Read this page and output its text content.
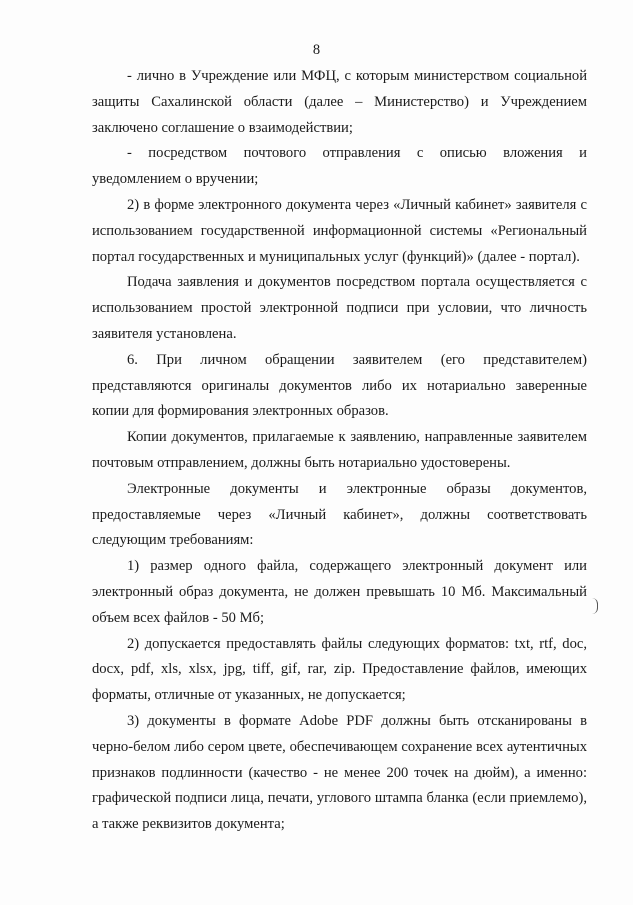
8

- лично в Учреждение или МФЦ, с которым министерством социальной защиты Сахалинской области (далее – Министерство) и Учреждением заключено соглашение о взаимодействии;

- посредством почтового отправления с описью вложения и уведомлением о вручении;

2) в форме электронного документа через «Личный кабинет» заявителя с использованием государственной информационной системы «Региональный портал государственных и муниципальных услуг (функций)» (далее - портал).

Подача заявления и документов посредством портала осуществляется с использованием простой электронной подписи при условии, что личность заявителя установлена.

6. При личном обращении заявителем (его представителем) представляются оригиналы документов либо их нотариально заверенные копии для формирования электронных образов.

Копии документов, прилагаемые к заявлению, направленные заявителем почтовым отправлением, должны быть нотариально удостоверены.

Электронные документы и электронные образы документов, предоставляемые через «Личный кабинет», должны соответствовать следующим требованиям:

1) размер одного файла, содержащего электронный документ или электронный образ документа, не должен превышать 10 Мб. Максимальный объем всех файлов - 50 Мб;

2) допускается предоставлять файлы следующих форматов: txt, rtf, doc, docx, pdf, xls, xlsx, jpg, tiff, gif, rar, zip. Предоставление файлов, имеющих форматы, отличные от указанных, не допускается;

3) документы в формате Adobe PDF должны быть отсканированы в черно-белом либо сером цвете, обеспечивающем сохранение всех аутентичных признаков подлинности (качество - не менее 200 точек на дюйм), а именно: графической подписи лица, печати, углового штампа бланка (если приемлемо), а также реквизитов документа;
